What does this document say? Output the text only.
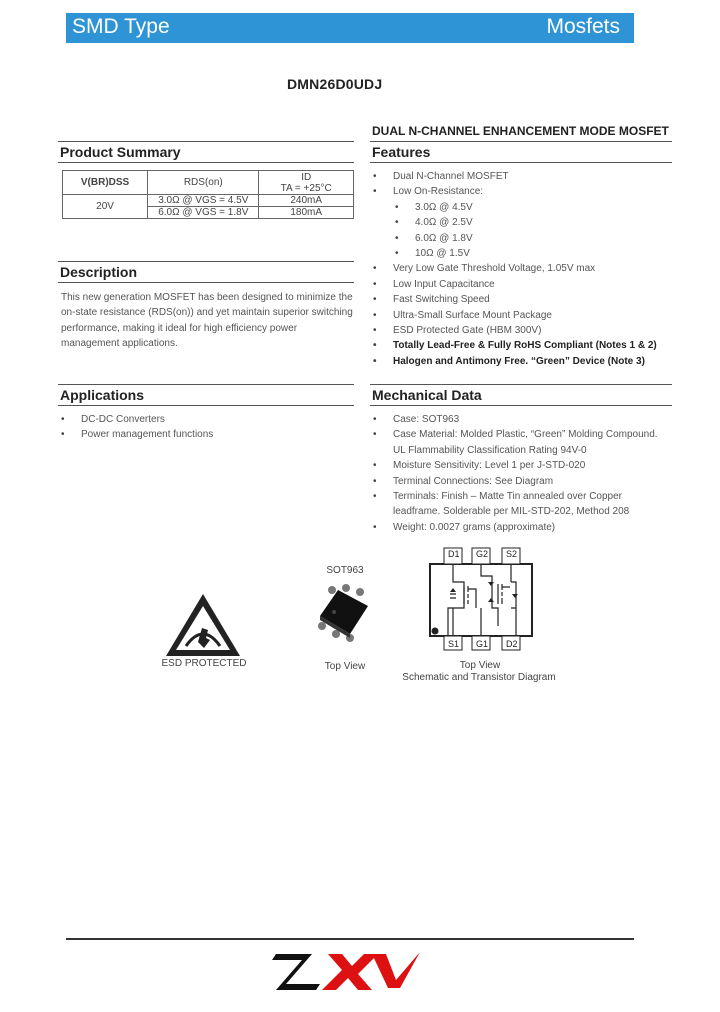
SMD Type	Mosfets
DMN26D0UDJ
DUAL N-CHANNEL ENHANCEMENT MODE MOSFET
Product Summary
V(BR)DSS	RDS(on)	ID
TA = +25°C

20V	3.0Ω @ VGS = 4.5V	240mA
	6.0Ω @ VGS = 1.8V	180mA
Description
This new generation MOSFET has been designed to minimize the on-state resistance (RDS(on)) and yet maintain superior switching performance, making it ideal for high efficiency power management applications.
Applications
• DC-DC Converters
• Power management functions
Features
• Dual N-Channel MOSFET
• Low On-Resistance:
• 3.0Ω @ 4.5V
• 4.0Ω @ 2.5V
• 6.0Ω @ 1.8V
• 10Ω @ 1.5V
• Very Low Gate Threshold Voltage, 1.05V max
• Low Input Capacitance
• Fast Switching Speed
• Ultra-Small Surface Mount Package
• ESD Protected Gate (HBM 300V)
• Totally Lead-Free & Fully RoHS Compliant (Notes 1 & 2)
• Halogen and Antimony Free. “Green” Device (Note 3)
Mechanical Data
• Case: SOT963
• Case Material: Molded Plastic, “Green” Molding Compound. UL Flammability Classification Rating 94V-0
• Moisture Sensitivity: Level 1 per J-STD-020
• Terminal Connections: See Diagram
• Terminals: Finish – Matte Tin annealed over Copper leadframe. Solderable per MIL-STD-202, Method 208
• Weight: 0.0027 grams (approximate)
ESD PROTECTED
SOT963
Top View
D1 G2 S2
S1 G1 D2
Top View
Schematic and Transistor Diagram
